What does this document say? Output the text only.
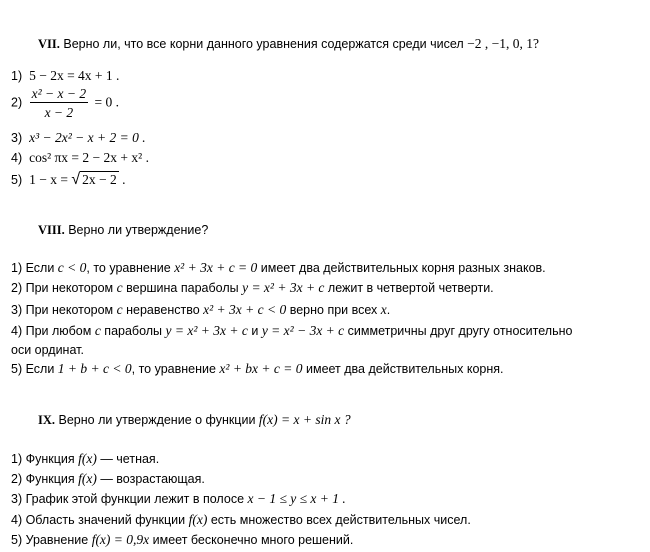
VII. Верно ли, что все корни данного уравнения содержатся среди чисел −2 , −1, 0, 1?
1) 5 − 2x = 4x + 1 .
$2) \frac{\text{x² − x − 2}}{x - 2} = 0$ .
3) x³ − 2x² − x + 2 = 0 .
4) cos² πx = 2 − 2x + x² .
5) 1 − x = √ 2x − 2 .
VIII. Верно ли утверждение?
1) Если c < 0, то уравнение x² + 3x + c = 0 имеет два действительных корня разных знаков.
2) При некотором c вершина параболы y = x² + 3x + c лежит в четвертой четверти.
3) При некотором c неравенство x² + 3x + c < 0 верно при всех x.
4) При любом c параболы y = x² + 3x + c и y = x² − 3x + c симметричны друг другу относительно
оси ординат.
5) Если 1 + b + c < 0, то уравнение x² + bx + c = 0 имеет два действительных корня.
IX. Верно ли утверждение о функции f(x) = x + sin x ?
1) Функция f(x) — четная.
2) Функция f(x) — возрастающая.
3) График этой функции лежит в полосе x − 1 ≤ y ≤ x + 1 .
4) Область значений функции f(x) есть множество всех действительных чисел.
5) Уравнение f(x) = 0,9x имеет бесконечно много решений.
